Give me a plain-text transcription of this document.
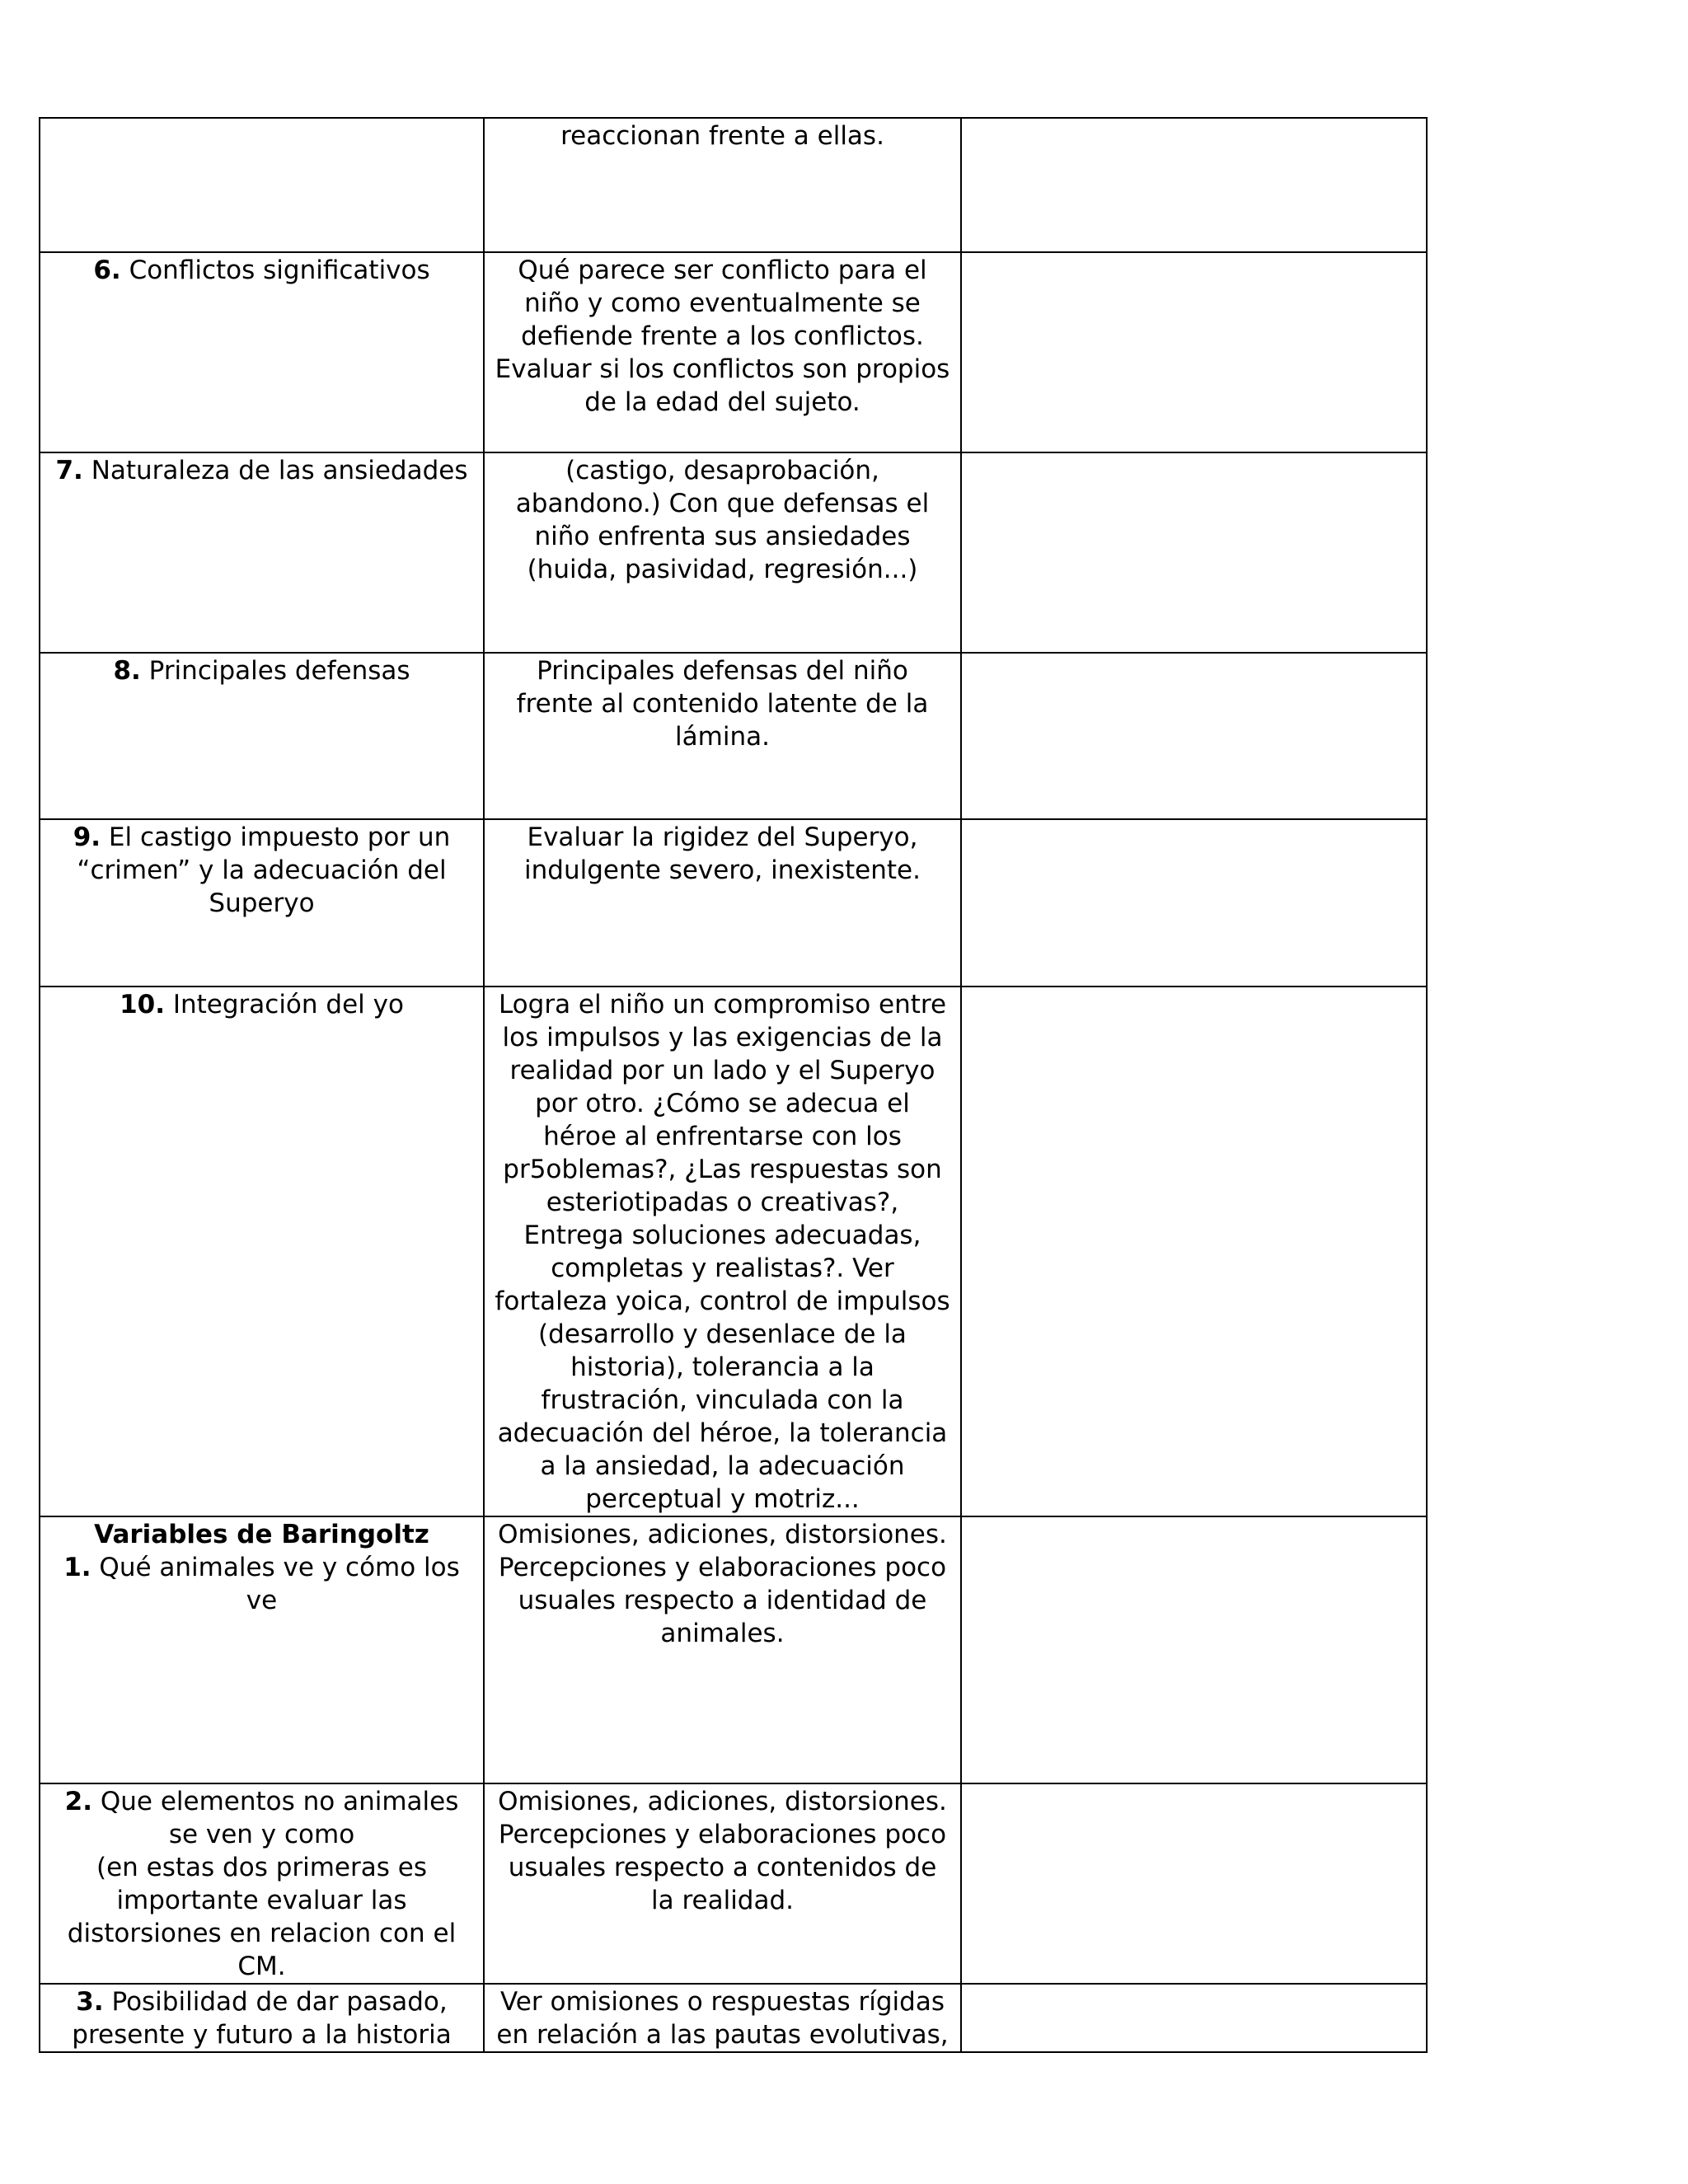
	reaccionan frente a ellas.	

6. Conflictos significativos	Qué parece ser conflicto para el niño y como eventualmente se defiende frente a los conflictos. Evaluar si los conflictos son propios de la edad del sujeto.	

7. Naturaleza de las ansiedades	(castigo, desaprobación, abandono.) Con que defensas el niño enfrenta sus ansiedades (huida, pasividad, regresión...)	

8. Principales defensas	Principales defensas del niño frente al contenido latente de la lámina.	

9. El castigo impuesto por un “crimen” y la adecuación del Superyo	Evaluar la rigidez del Superyo, indulgente severo, inexistente.	

10. Integración del yo	Logra el niño un compromiso entre los impulsos y las exigencias de la realidad por un lado y el Superyo por otro. ¿Cómo se adecua el héroe al enfrentarse con los pr5oblemas?, ¿Las respuestas son esteriotipadas o creativas?, Entrega soluciones adecuadas, completas y realistas?. Ver fortaleza yoica, control de impulsos (desarrollo y desenlace de la historia), tolerancia a la frustración, vinculada con la adecuación del héroe, la tolerancia a la ansiedad, la adecuación perceptual y motriz...	

Variables de Baringoltz
1. Qué animales ve y cómo los ve	Omisiones, adiciones, distorsiones. Percepciones y elaboraciones poco usuales respecto a identidad de animales.	

2. Que elementos no animales se ven y como
(en estas dos primeras es importante evaluar las distorsiones en relacion con el CM.	Omisiones, adiciones, distorsiones. Percepciones y elaboraciones poco usuales respecto a contenidos de la realidad.	

3. Posibilidad de dar pasado, presente y futuro a la historia	Ver omisiones o respuestas rígidas en relación a las pautas evolutivas,	
